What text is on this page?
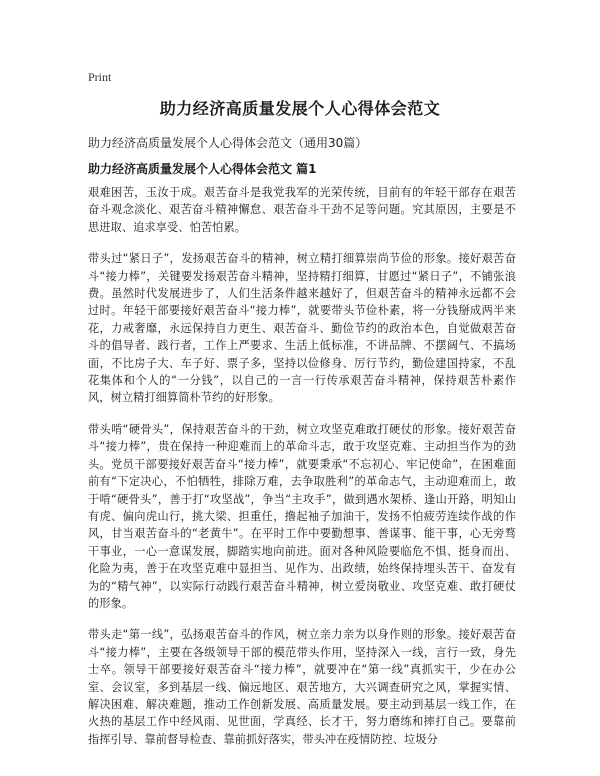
Print
助力经济高质量发展个人心得体会范文
助力经济高质量发展个人心得体会范文（通用30篇）
助力经济高质量发展个人心得体会范文 篇1

艰难困苦，玉汝于成。艰苦奋斗是我党我军的光荣传统，目前有的年轻干部存在艰苦奋斗观念淡化、艰苦奋斗精神懈怠、艰苦奋斗干劲不足等问题。究其原因，主要是不思进取、追求享受、怕苦怕累。

带头过“紧日子”，发扬艰苦奋斗的精神，树立精打细算崇尚节俭的形象。接好艰苦奋斗“接力棒”，关键要发扬艰苦奋斗精神，坚持精打细算，甘愿过“紧日子”，不铺张浪费。虽然时代发展进步了，人们生活条件越来越好了，但艰苦奋斗的精神永远都不会过时。年轻干部要接好艰苦奋斗“接力棒”，就要带头节俭朴素，将一分钱掰成两半来花，力戒奢靡，永远保持自力更生、艰苦奋斗、勤俭节约的政治本色，自觉做艰苦奋斗的倡导者、践行者，工作上严要求、生活上低标准，不讲品牌、不摆阔气、不搞场面，不比房子大、车子好、票子多，坚持以俭修身、厉行节约，勤俭建国持家，不乱花集体和个人的“一分钱”，以自己的一言一行传承艰苦奋斗精神，保持艰苦朴素作风，树立精打细算简朴节约的好形象。

带头啃“硬骨头”，保持艰苦奋斗的干劲，树立攻坚克难敢打硬仗的形象。接好艰苦奋斗“接力棒”，贵在保持一种迎难而上的革命斗志，敢于攻坚克难、主动担当作为的劲头。党员干部要接好艰苦奋斗“接力棒”，就要秉承“不忘初心、牢记使命”，在困难面前有“下定决心，不怕牺牲，排除万难，去争取胜利”的革命志气，主动迎难而上，敢于啃“硬骨头”，善于打“攻坚战”，争当“主攻手”，做到遇水架桥、逢山开路，明知山有虎、偏向虎山行，挑大梁、担重任，撸起袖子加油干，发扬不怕疲劳连续作战的作风，甘当艰苦奋斗的“老黄牛”。在平时工作中要勤想事、善谋事、能干事，心无旁骛干事业，一心一意谋发展，脚踏实地向前进。面对各种风险要临危不惧、挺身而出、化险为夷，善于在攻坚克难中显担当、见作为、出政绩，始终保持埋头苦干、奋发有为的“精气神”，以实际行动践行艰苦奋斗精神，树立爱岗敬业、攻坚克难、敢打硬仗的形象。

带头走“第一线”，弘扬艰苦奋斗的作风，树立亲力亲为以身作则的形象。接好艰苦奋斗“接力棒”，主要在各级领导干部的模范带头作用，坚持深入一线，言行一致，身先士卒。领导干部要接好艰苦奋斗“接力棒”，就要冲在“第一线”真抓实干，少在办公室、会议室，多到基层一线、偏远地区、艰苦地方，大兴调查研究之风，掌握实情、解决困难、解决难题，推动工作创新发展、高质量发展。要主动到基层一线工作，在火热的基层工作中经风雨、见世面，学真经、长才干，努力磨练和摔打自己。要靠前指挥引导、靠前督导检查、靠前抓好落实，带头冲在疫情防控、垃圾分
